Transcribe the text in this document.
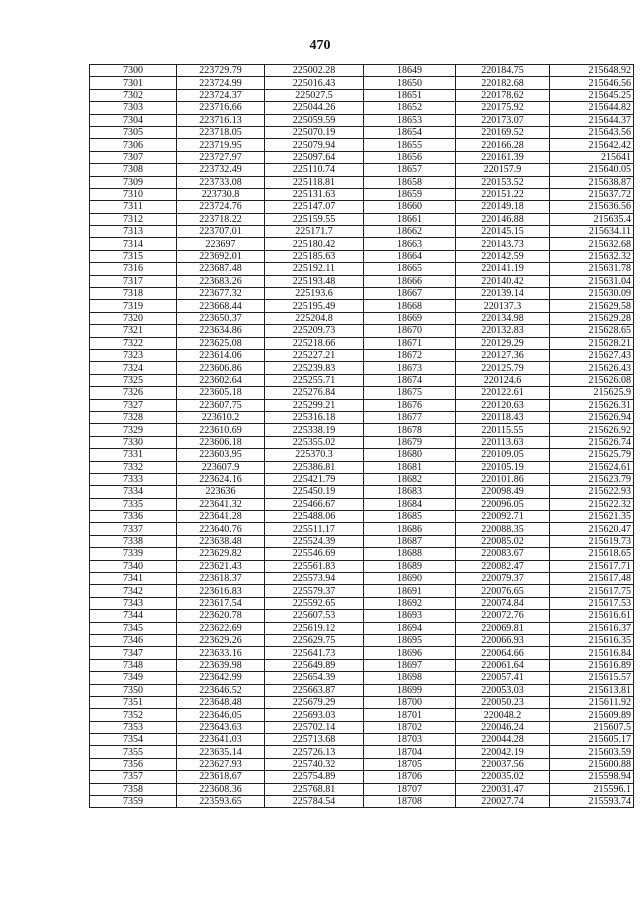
470
7300	223729.79	225002.28	18649	220184.75	215648.92
7301	223724.99	225016.43	18650	220182.68	215646.56
7302	223724.37	225027.5	18651	220178.62	215645.25
7303	223716.66	225044.26	18652	220175.92	215644.82
7304	223716.13	225059.59	18653	220173.07	215644.37
7305	223718.05	225070.19	18654	220169.52	215643.56
7306	223719.95	225079.94	18655	220166.28	215642.42
7307	223727.97	225097.64	18656	220161.39	215641
7308	223732.49	225110.74	18657	220157.9	215640.05
7309	223733.08	225118.81	18658	220153.52	215638.87
7310	223730.8	225131.63	18659	220151.22	215637.72
7311	223724.76	225147.07	18660	220149.18	215636.56
7312	223718.22	225159.55	18661	220146.88	215635.4
7313	223707.01	225171.7	18662	220145.15	215634.11
7314	223697	225180.42	18663	220143.73	215632.68
7315	223692.01	225185.63	18664	220142.59	215632.32
7316	223687.48	225192.11	18665	220141.19	215631.78
7317	223683.26	225193.48	18666	220140.42	215631.04
7318	223677.32	225193.6	18667	220139.14	215630.09
7319	223668.44	225195.49	18668	220137.3	215629.58
7320	223650.37	225204.8	18669	220134.98	215629.28
7321	223634.86	225209.73	18670	220132.83	215628.65
7322	223625.08	225218.66	18671	220129.29	215628.21
7323	223614.06	225227.21	18672	220127.36	215627.43
7324	223606.86	225239.83	18673	220125.79	215626.43
7325	223602.64	225255.71	18674	220124.6	215626.08
7326	223605.18	225276.84	18675	220122.61	215625.9
7327	223607.75	225299.21	18676	220120.63	215626.31
7328	223610.2	225316.18	18677	220118.43	215626.94
7329	223610.69	225338.19	18678	220115.55	215626.92
7330	223606.18	225355.02	18679	220113.63	215626.74
7331	223603.95	225370.3	18680	220109.05	215625.79
7332	223607.9	225386.81	18681	220105.19	215624.61
7333	223624.16	225421.79	18682	220101.86	215623.79
7334	223636	225450.19	18683	220098.49	215622.93
7335	223641.32	225466.67	18684	220096.05	215622.32
7336	223641.28	225488.06	18685	220092.71	215621.35
7337	223640.76	225511.17	18686	220088.35	215620.47
7338	223638.48	225524.39	18687	220085.02	215619.73
7339	223629.82	225546.69	18688	220083.67	215618.65
7340	223621.43	225561.83	18689	220082.47	215617.71
7341	223618.37	225573.94	18690	220079.37	215617.48
7342	223616.83	225579.37	18691	220076.65	215617.75
7343	223617.54	225592.65	18692	220074.84	215617.53
7344	223620.78	225607.53	18693	220072.76	215616.61
7345	223622.69	225619.12	18694	220069.81	215616.37
7346	223629.26	225629.75	18695	220066.93	215616.35
7347	223633.16	225641.73	18696	220064.66	215616.84
7348	223639.98	225649.89	18697	220061.64	215616.89
7349	223642.99	225654.39	18698	220057.41	215615.57
7350	223646.52	225663.87	18699	220053.03	215613.81
7351	223648.48	225679.29	18700	220050.23	215611.92
7352	223646.05	225693.03	18701	220048.2	215609.89
7353	223643.63	225702.14	18702	220046.24	215607.5
7354	223641.03	225713.68	18703	220044.28	215605.17
7355	223635.14	225726.13	18704	220042.19	215603.59
7356	223627.93	225740.32	18705	220037.56	215600.88
7357	223618.67	225754.89	18706	220035.02	215598.94
7358	223608.36	225768.81	18707	220031.47	215596.1
7359	223593.65	225784.54	18708	220027.74	215593.74
